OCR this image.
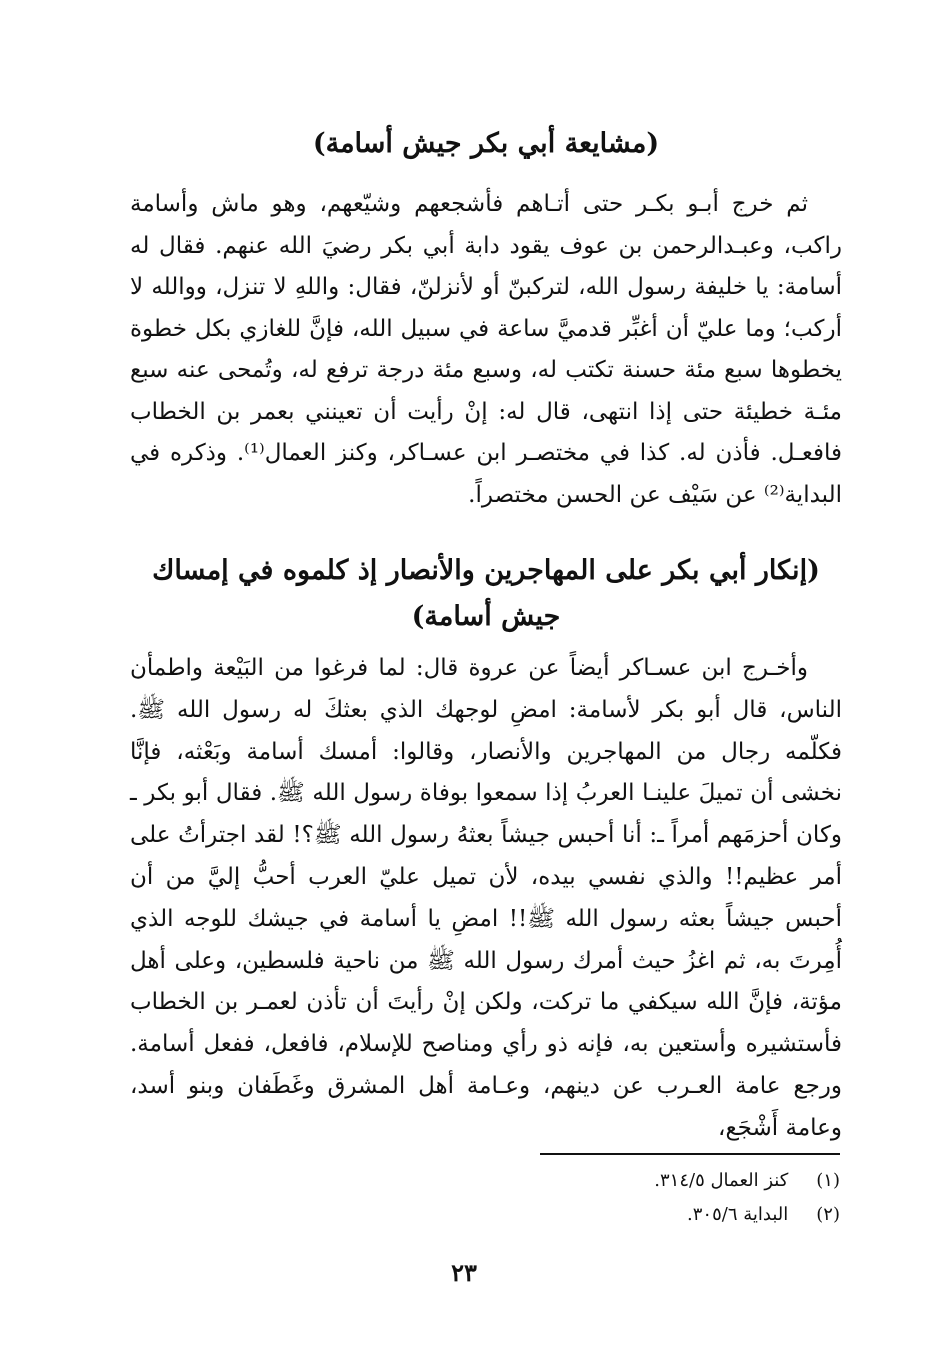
(مشايعة أبي بكر جيش أسامة)

ثم خرج أبـو بكـر حتى أتـاهم فأشجعهم وشيّعهم، وهو ماش وأسامة راكب، وعبـدالرحمن بن عوف يقود دابة أبي بكر رضيَ الله عنهم. فقال له أسامة: يا خليفة رسول الله، لتركبنّ أو لأنزلنّ، فقال: واللهِ لا تنزل، ووالله لا أركب؛ وما عليّ أن أغبِّر قدميَّ ساعة في سبيل الله، فإنَّ للغازي بكل خطوة يخطوها سبع مئة حسنة تكتب له، وسبع مئة درجة ترفع له، وتُمحى عنه سبع مئـة خطيئة حتى إذا انتهى، قال له: إنْ رأيت أن تعينني بعمر بن الخطاب فافعـل. فأذن له. كذا في مختصـر ابن عسـاكر، وكنز العمال⁽¹⁾. وذكره في البداية⁽²⁾ عن سَيْف عن الحسن مختصراً.

(إنكار أبي بكر على المهاجرين والأنصار إذ كلموه في إمساك جيش أسامة)

وأخـرج ابن عسـاكر أيضاً عن عروة قال: لما فرغوا من البَيْعة واطمأن الناس، قال أبو بكر لأسامة: امضِ لوجهك الذي بعثكَ له رسول الله ﷺ. فكلّمه رجال من المهاجرين والأنصار، وقالوا: أمسك أسامة وبَعْثه، فإنَّا نخشى أن تميلَ علينـا العربُ إذا سمعوا بوفاة رسول الله ﷺ. فقال أبو بكر ـ وكان أحزمَهم أمراً ـ: أنا أحبس جيشاً بعثهُ رسول الله ﷺ؟! لقد اجترأتُ على أمر عظيم!! والذي نفسي بيده، لأن تميل عليّ العرب أحبُّ إليَّ من أن أحبس جيشاً بعثه رسول الله ﷺ!! امضِ يا أسامة في جيشك للوجه الذي أُمِرتَ به، ثم اغزُ حيث أمرك رسول الله ﷺ من ناحية فلسطين، وعلى أهل مؤتة، فإنَّ الله سيكفي ما تركت، ولكن إنْ رأيتَ أن تأذن لعمـر بن الخطاب فأستشيره وأستعين به، فإنه ذو رأي ومناصح للإسلام، فافعل، ففعل أسامة. ورجع عامة العـرب عن دينهم، وعـامة أهل المشرق وغَطَفان وبنو أسد، وعامة أَشْجَع،

(١) كنز العمال ٣١٤/٥.
(٢) البداية ٣٠٥/٦.
٢٣
